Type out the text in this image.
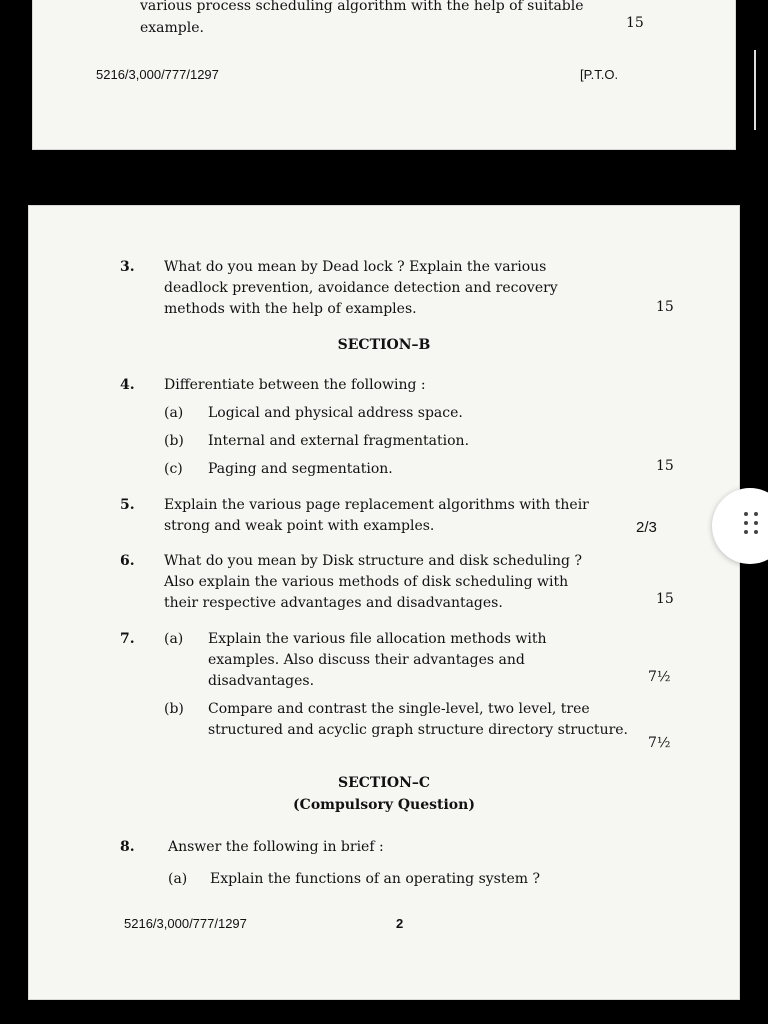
various process scheduling algorithm with the help of suitable
example.	15
5216/3,000/777/1297	[P.T.O.
3. What do you mean by Dead lock ? Explain the various
deadlock prevention, avoidance detection and recovery
methods with the help of examples.	15
SECTION–B
4. Differentiate between the following :
(a) Logical and physical address space.
(b) Internal and external fragmentation.
(c) Paging and segmentation.	15
5. Explain the various page replacement algorithms with their
strong and weak point with examples.	2/3
6. What do you mean by Disk structure and disk scheduling ?
Also explain the various methods of disk scheduling with
their respective advantages and disadvantages.	15
7. (a) Explain the various file allocation methods with
examples. Also discuss their advantages and
disadvantages.	7½
(b) Compare and contrast the single-level, two level, tree
structured and acyclic graph structure directory structure.
7½
SECTION–C
(Compulsory Question)
8. Answer the following in brief :
(a) Explain the functions of an operating system ?
5216/3,000/777/1297	2
